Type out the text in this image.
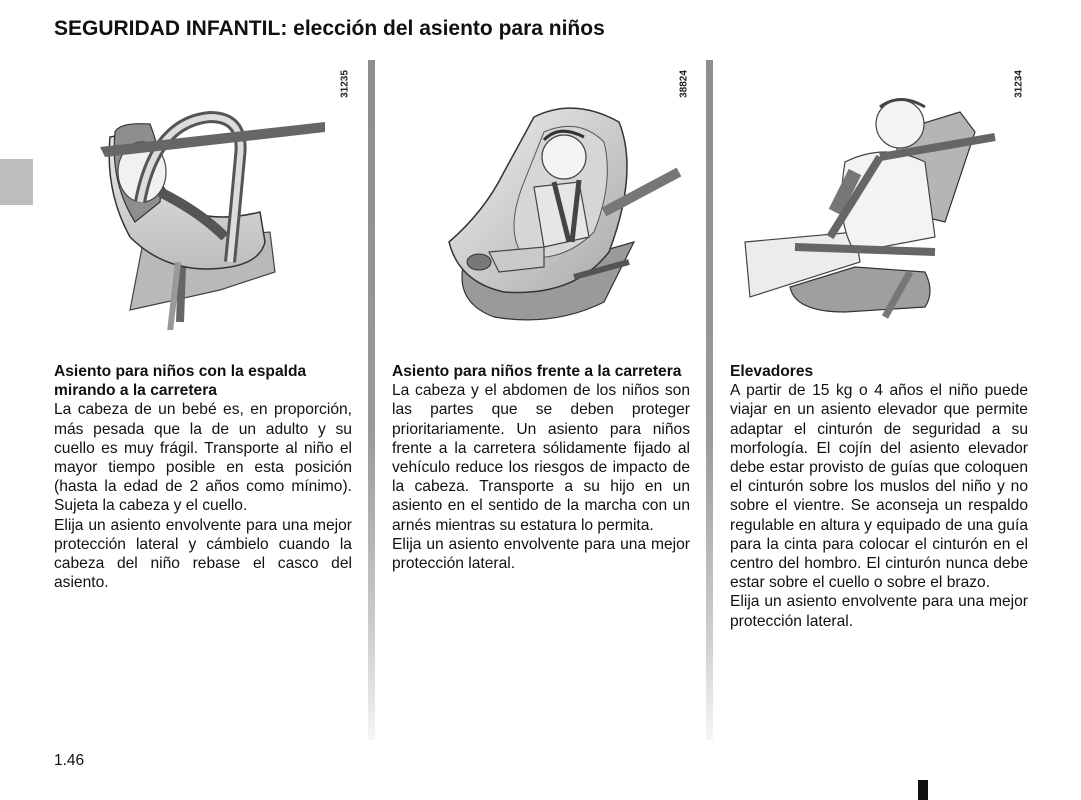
SEGURIDAD INFANTIL: elección del asiento para niños
31235	38824	31234
Asiento para niños con la espalda mirando a la carretera

La cabeza de un bebé es, en proporción, más pesada que la de un adulto y su cuello es muy frágil. Transporte al niño el mayor tiempo posible en esta posición (hasta la edad de 2 años como mínimo). Sujeta la cabeza y el cuello.

Elija un asiento envolvente para una mejor protección lateral y cámbielo cuando la cabeza del niño rebase el casco del asiento.

Asiento para niños frente a la carretera

La cabeza y el abdomen de los niños son las partes que se deben proteger prioritariamente. Un asiento para niños frente a la carretera sólidamente fijado al vehículo reduce los riesgos de impacto de la cabeza. Transporte a su hijo en un asiento en el sentido de la marcha con un arnés mientras su estatura lo permita.

Elija un asiento envolvente para una mejor protección lateral.

Elevadores

A partir de 15 kg o 4 años el niño puede viajar en un asiento elevador que permite adaptar el cinturón de seguridad a su morfología. El cojín del asiento elevador debe estar provisto de guías que coloquen el cinturón sobre los muslos del niño y no sobre el vientre. Se aconseja un respaldo regulable en altura y equipado de una guía para la cinta para colocar el cinturón en el centro del hombro. El cinturón nunca debe estar sobre el cuello o sobre el brazo.

Elija un asiento envolvente para una mejor protección lateral.

1.46
